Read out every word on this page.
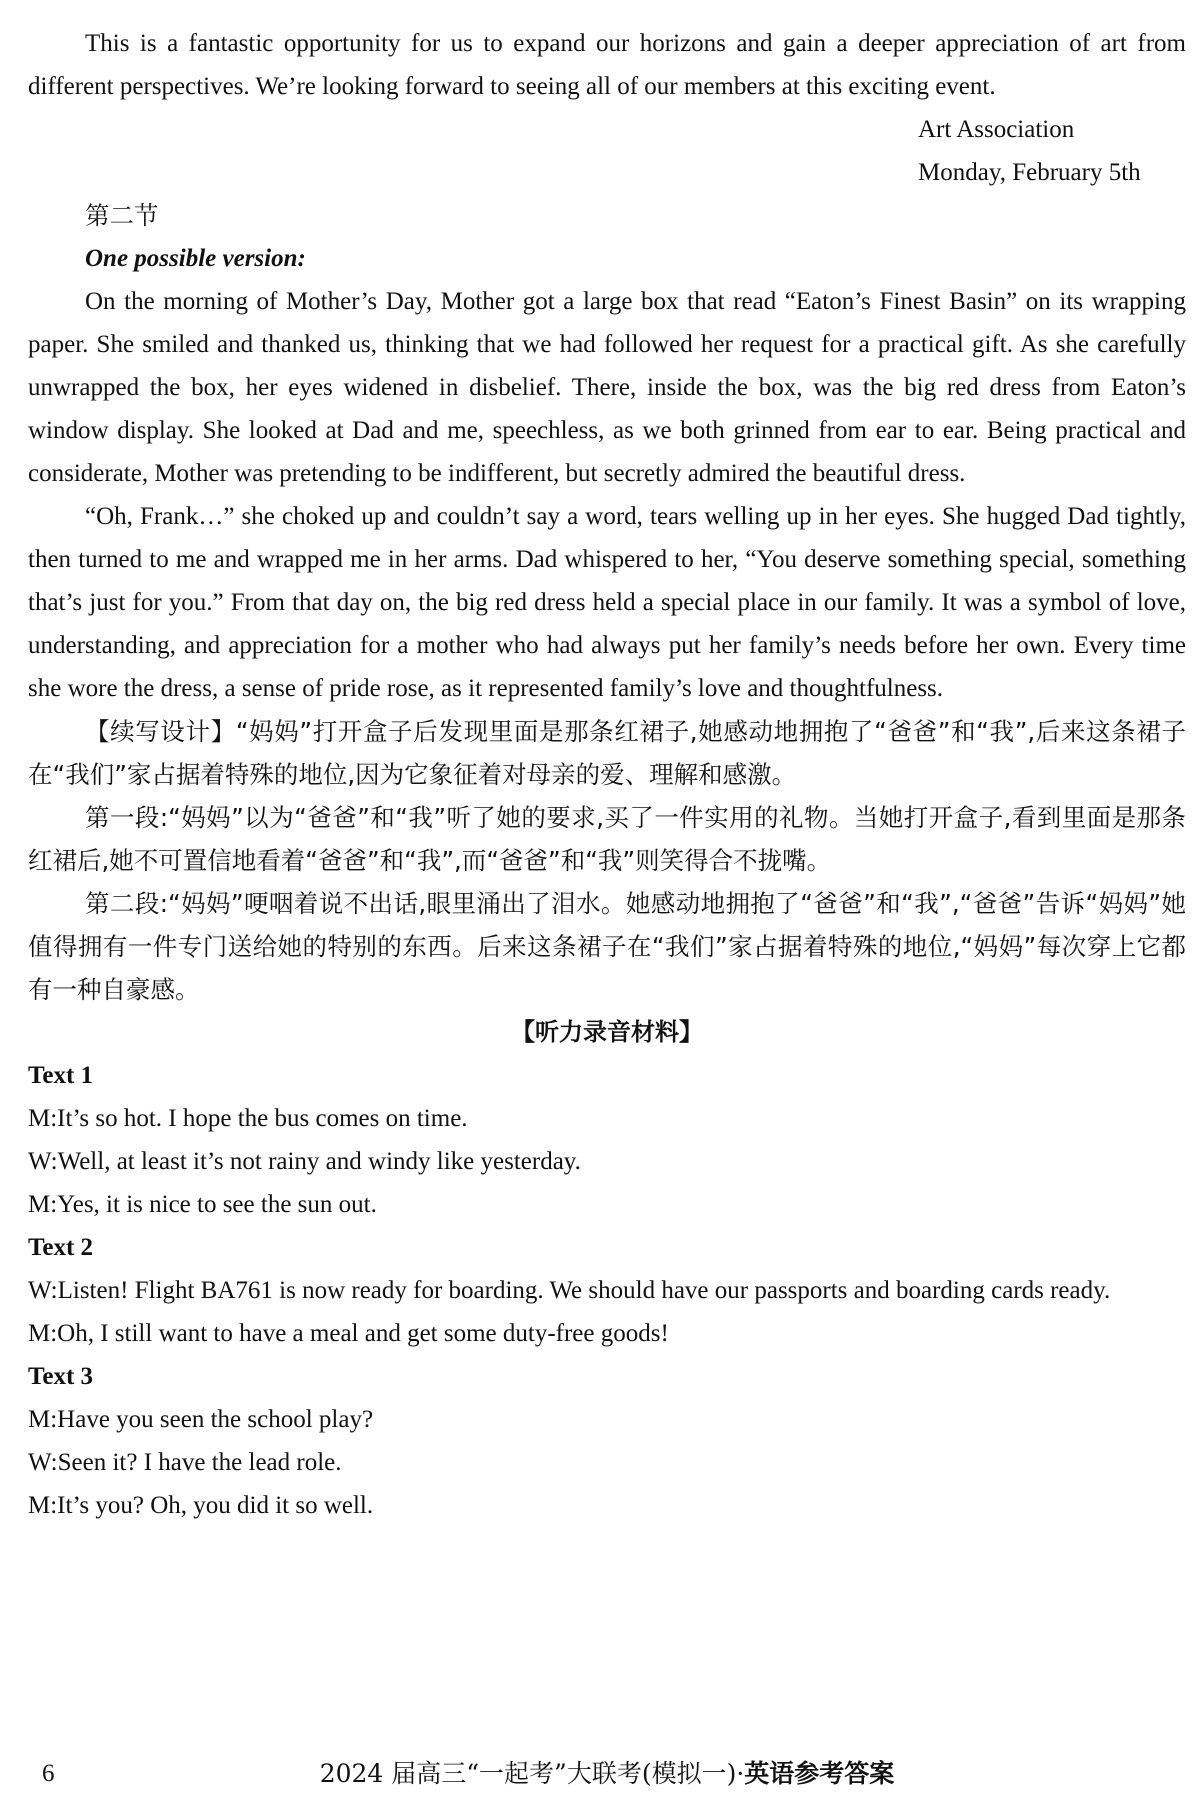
This is a fantastic opportunity for us to expand our horizons and gain a deeper appreciation of art from different perspectives. We’re looking forward to seeing all of our members at this exciting event.

Art Association
Monday, February 5th
第二节
One possible version:

On the morning of Mother’s Day, Mother got a large box that read “Eaton’s Finest Basin” on its wrapping paper. She smiled and thanked us, thinking that we had followed her request for a practical gift. As she carefully unwrapped the box, her eyes widened in disbelief. There, inside the box, was the big red dress from Eaton’s window display. She looked at Dad and me, speechless, as we both grinned from ear to ear. Being practical and considerate, Mother was pretending to be indifferent, but secretly admired the beautiful dress.

“Oh, Frank…” she choked up and couldn’t say a word, tears welling up in her eyes. She hugged Dad tightly, then turned to me and wrapped me in her arms. Dad whispered to her, “You deserve something special, something that’s just for you.” From that day on, the big red dress held a special place in our family. It was a symbol of love, understanding, and appreciation for a mother who had always put her family’s needs before her own. Every time she wore the dress, a sense of pride rose, as it represented family’s love and thoughtfulness.

【续写设计】“妈妈”打开盒子后发现里面是那条红裙子,她感动地拥抱了“爸爸”和“我”,后来这条裙子在“我们”家占据着特殊的地位,因为它象征着对母亲的爱、理解和感激。

第一段:“妈妈”以为“爸爸”和“我”听了她的要求,买了一件实用的礼物。当她打开盒子,看到里面是那条红裙后,她不可置信地看着“爸爸”和“我”,而“爸爸”和“我”则笑得合不拢嘴。

第二段:“妈妈”哽咽着说不出话,眼里涌出了泪水。她感动地拥抱了“爸爸”和“我”,“爸爸”告诉“妈妈”她值得拥有一件专门送给她的特别的东西。后来这条裙子在“我们”家占据着特殊的地位,“妈妈”每次穿上它都有一种自豪感。

【听力录音材料】
Text 1
M:It’s so hot. I hope the bus comes on time.
W:Well, at least it’s not rainy and windy like yesterday.
M:Yes, it is nice to see the sun out.
Text 2
W:Listen! Flight BA761 is now ready for boarding. We should have our passports and boarding cards ready.
M:Oh, I still want to have a meal and get some duty-free goods!
Text 3
M:Have you seen the school play?
W:Seen it? I have the lead role.
M:It’s you? Oh, you did it so well.
6	2024 届高三“一起考”大联考(模拟一)·英语参考答案
